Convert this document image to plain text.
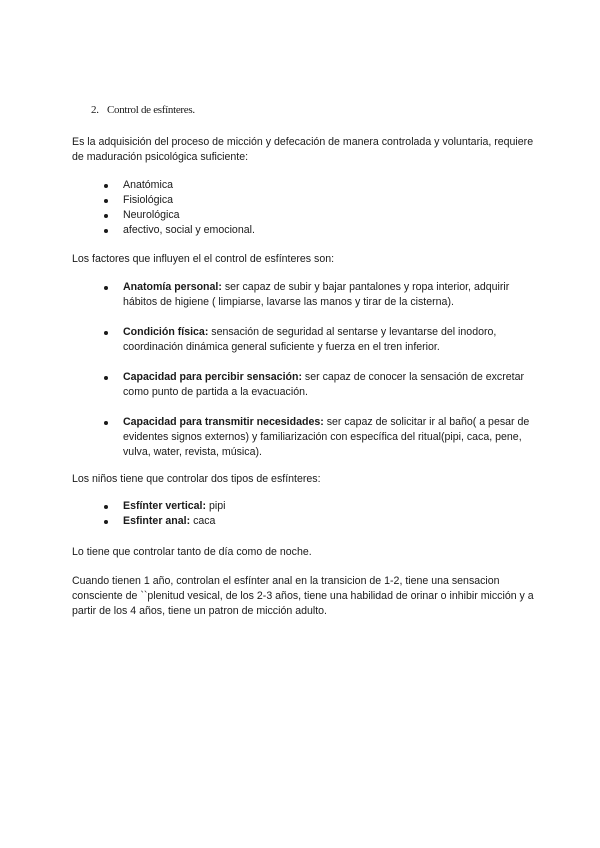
2. Control de esfínteres.

Es la adquisición del proceso de micción y defecación de manera controlada y voluntaria, requiere de maduración psicológica suficiente:

Anatómica
Fisiológica
Neurológica
afectivo, social y emocional.

Los factores que influyen el el control de esfínteres son:

Anatomía personal: ser capaz de subir y bajar pantalones y ropa interior, adquirir hábitos de higiene ( limpiarse, lavarse las manos y tirar de la cisterna).
Condición física: sensación de seguridad al sentarse y levantarse del inodoro, coordinación dinámica general suficiente y fuerza en el tren inferior.
Capacidad para percibir sensación: ser capaz de conocer la sensación de excretar como punto de partida a la evacuación.
Capacidad para transmitir necesidades: ser capaz de solicitar ir al baño( a pesar de evidentes signos externos) y familiarización con específica del ritual(pipi, caca, pene, vulva, water, revista, música).

Los niños tiene que controlar dos tipos de esfínteres:

Esfínter vertical: pipi
Esfinter anal: caca

Lo tiene que controlar tanto de día como de noche.

Cuando tienen 1 año, controlan el esfínter anal en la transicion de 1-2, tiene una sensacion consciente de ``plenitud vesical, de los 2-3 años, tiene una habilidad de orinar o inhibir micción y a partir de los 4 años, tiene un patron de micción adulto.
